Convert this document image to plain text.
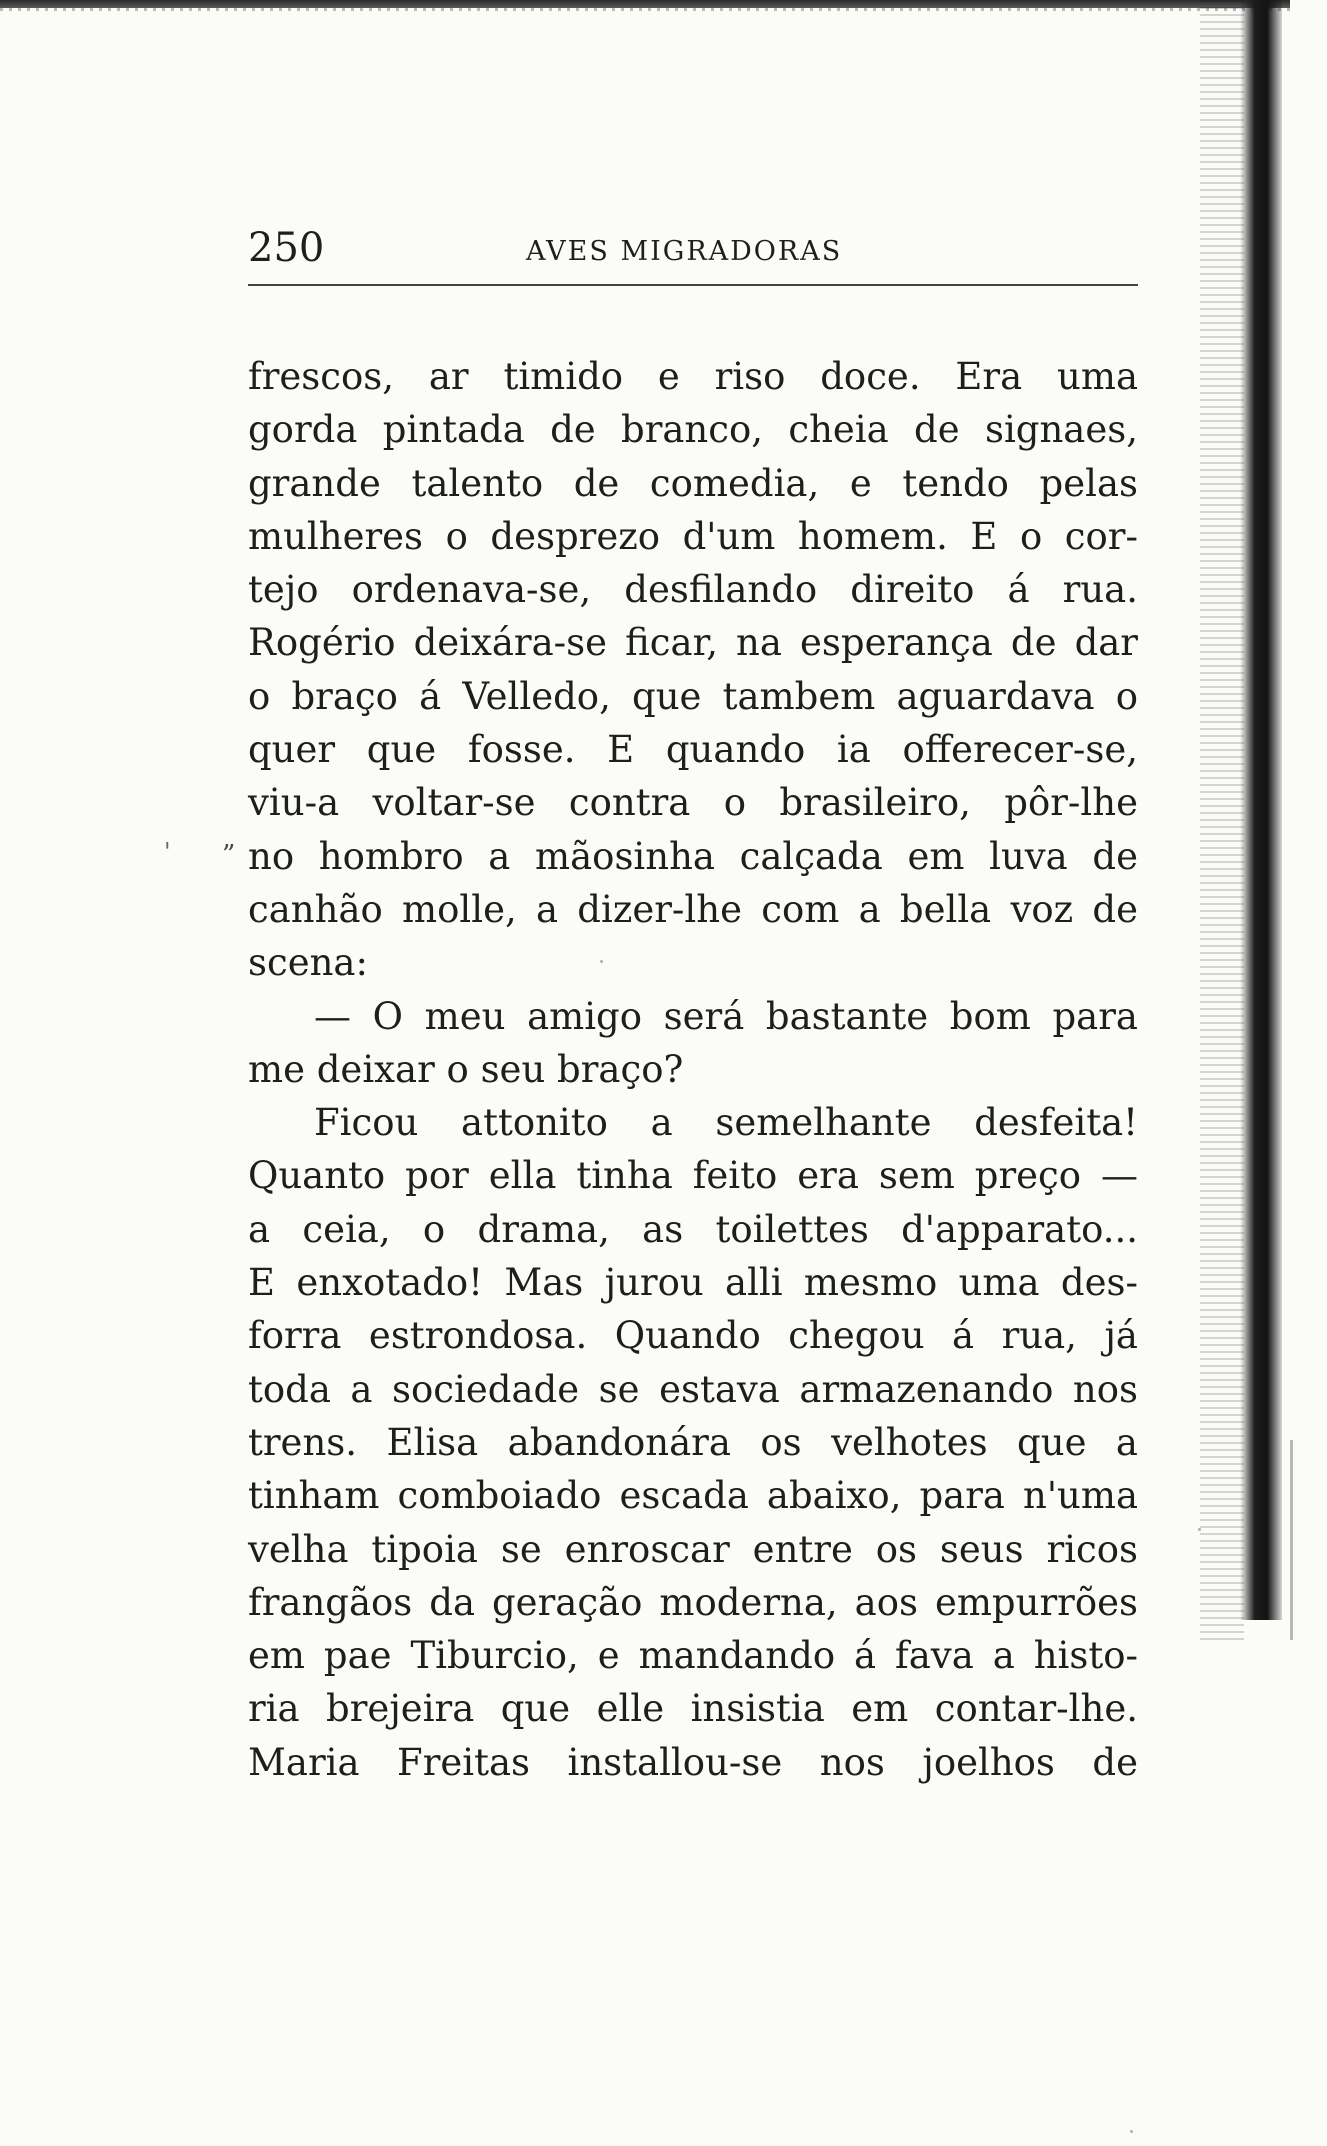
250	AVES MIGRADORAS
' ”
frescos, ar timido e riso doce. Era uma
gorda pintada de branco, cheia de signaes,
grande talento de comedia, e tendo pelas
mulheres o desprezo d'um homem. E o cor-
tejo ordenava-se, desfilando direito á rua.
Rogério deixára-se ficar, na esperança de dar
o braço á Velledo, que tambem aguardava o
quer que fosse. E quando ia offerecer-se,
viu-a voltar-se contra o brasileiro, pôr-lhe
no hombro a mãosinha calçada em luva de
canhão molle, a dizer-lhe com a bella voz de
scena:
— O meu amigo será bastante bom para
me deixar o seu braço?
Ficou attonito a semelhante desfeita!
Quanto por ella tinha feito era sem preço —
a ceia, o drama, as toilettes d'apparato...
E enxotado! Mas jurou alli mesmo uma des-
forra estrondosa. Quando chegou á rua, já
toda a sociedade se estava armazenando nos
trens. Elisa abandonára os velhotes que a
tinham comboiado escada abaixo, para n'uma
velha tipoia se enroscar entre os seus ricos
frangãos da geração moderna, aos empurrões
em pae Tiburcio, e mandando á fava a histo-
ria brejeira que elle insistia em contar-lhe.
Maria Freitas installou-se nos joelhos de
